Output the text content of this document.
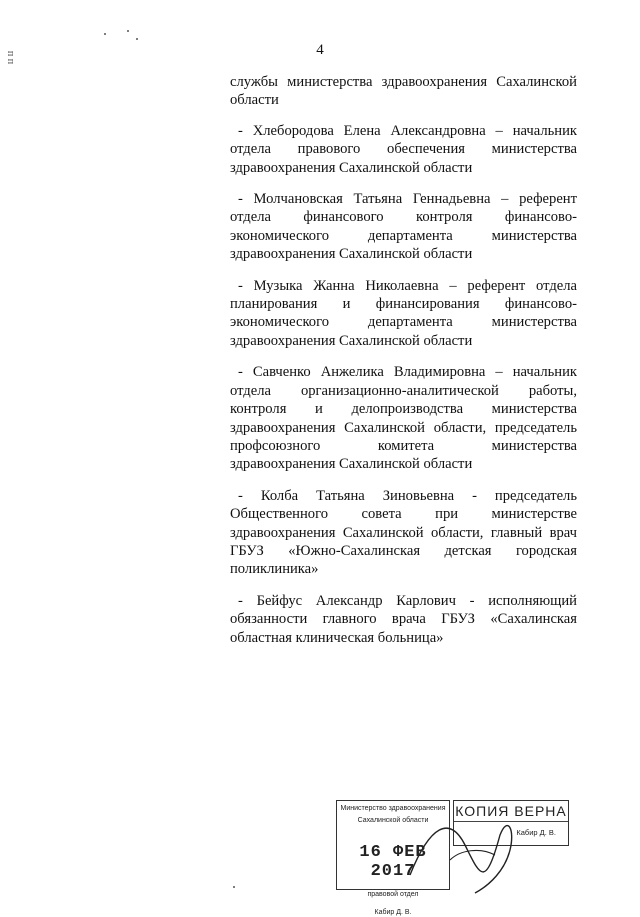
п п	4

службы министерства здравоохранения Сахалинской области

- Хлебородова Елена Александровна – начальник отдела правового обеспечения министерства здравоохранения Сахалинской области

- Молчановская Татьяна Геннадьевна – референт отдела финансового контроля финансово-экономического департамента министерства здравоохранения Сахалинской области

- Музыка Жанна Николаевна – референт отдела планирования и финансирования финансово-экономического департамента министерства здравоохранения Сахалинской области

- Савченко Анжелика Владимировна – начальник отдела организационно-аналитической работы, контроля и делопроизводства министерства здравоохранения Сахалинской области, председатель профсоюзного комитета министерства здравоохранения Сахалинской области

- Колба Татьяна Зиновьевна - председатель Общественного совета при министерстве здравоохранения Сахалинской области, главный врач ГБУЗ «Южно-Сахалинская детская городская поликлиника»

- Бейфус Александр Карлович - исполняющий обязанности главного врача ГБУЗ «Сахалинская областная клиническая больница»

Министерство здравоохранения
Сахалинской области
16 ФЕВ 2017
правовой отдел
Кабир Д. В.
КОПИЯ ВЕРНА
Кабир Д. В.
